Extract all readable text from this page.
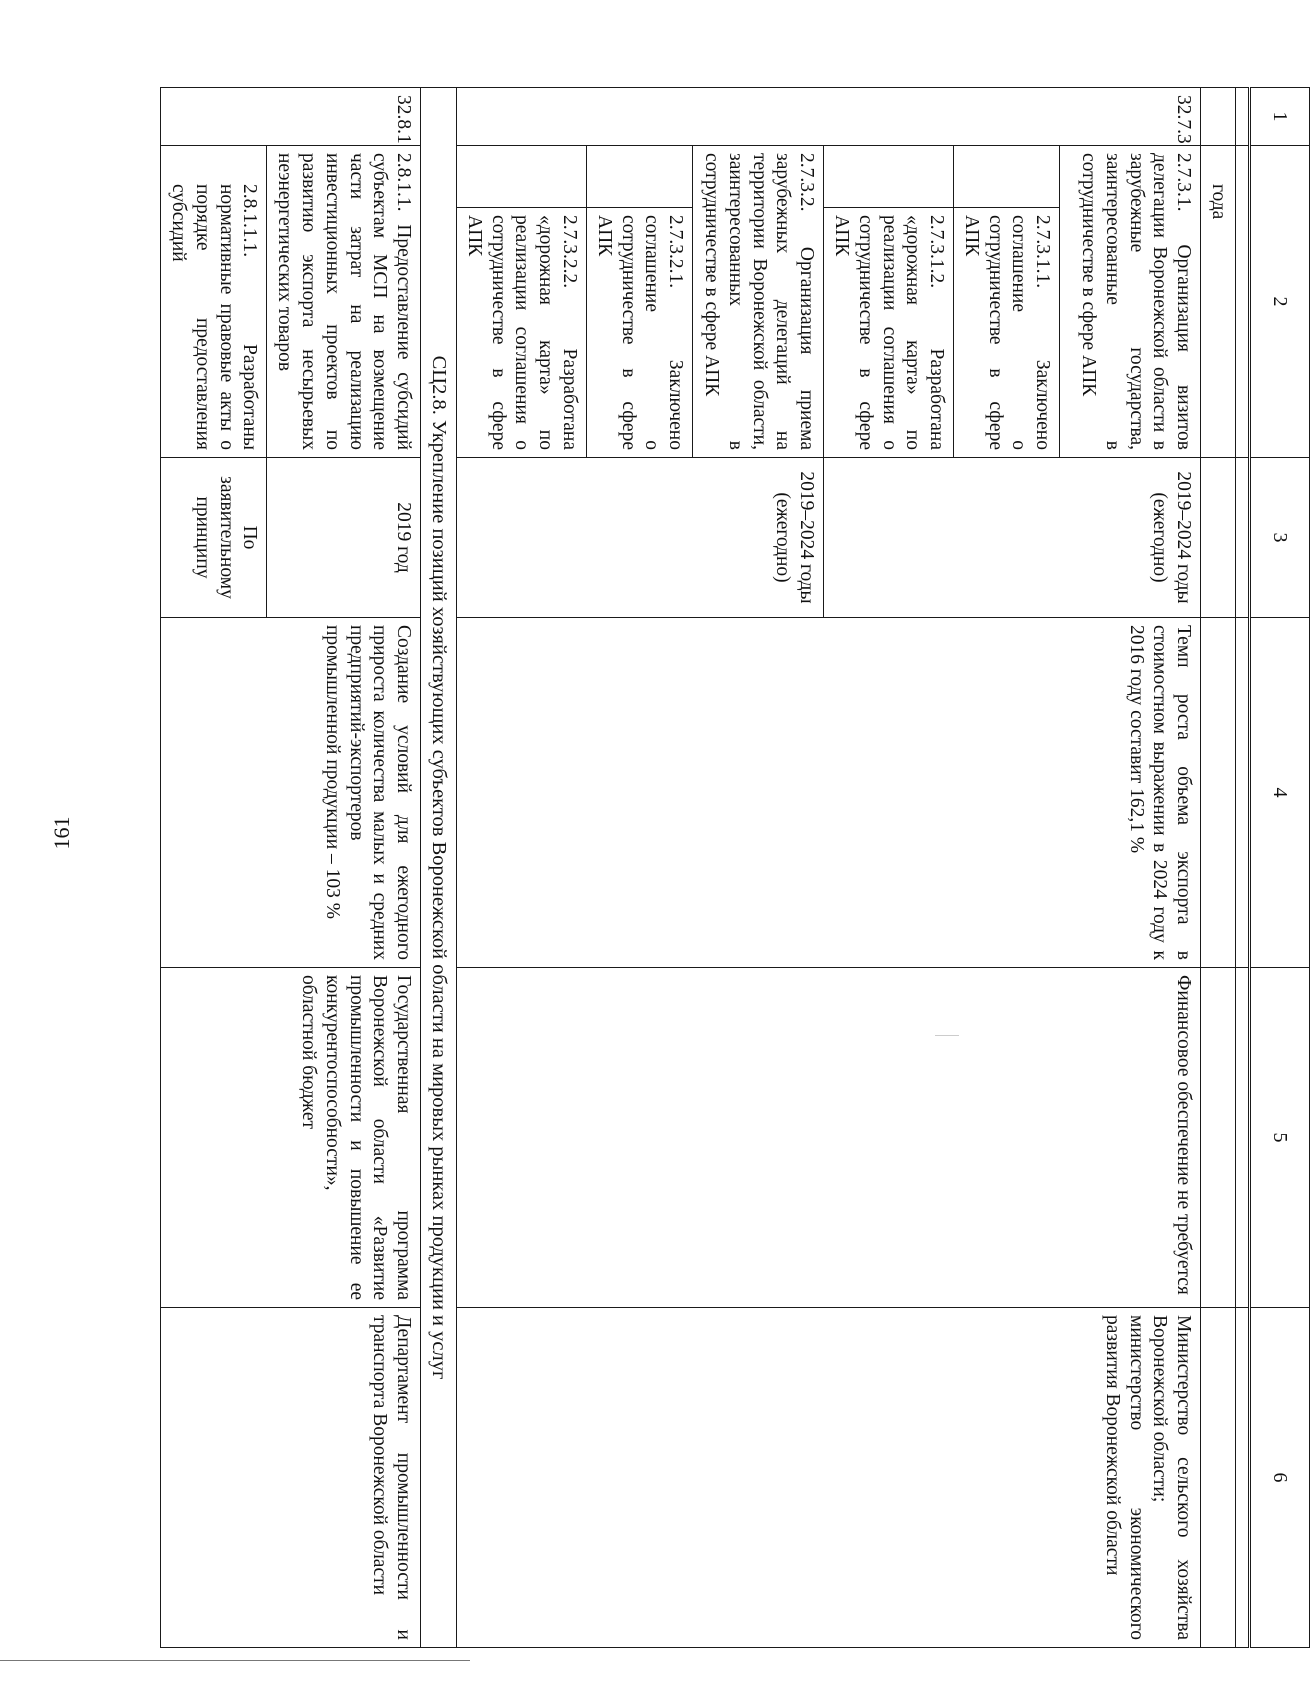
161
1	2		3	4	5	6

	года					
32.7.3	2.7.3.1. Организация визитов делегации Воронежской области в зарубежные государства, заинтересованные в сотрудничестве в сфере АПК		2019–2024 годы (ежегодно)	Темп роста объема экспорта в стоимостном выражении в 2024 году к 2016 году составит 162,1 %	Финансовое обеспечение не требуется	Министерство сельского хозяйства Воронежской области;
министерство экономического развития Воронежской области
		2.7.3.1.1. Заключено соглашение о сотрудничестве в сфере АПК				
		2.7.3.1.2. Разработана «дорожная карта» по реализации соглашения о сотрудничестве в сфере АПК				
	2.7.3.2. Организация приема зарубежных делегаций на территории Воронежской области, заинтересованных в сотрудничестве в сфере АПК		2019–2024 годы (ежегодно)			
		2.7.3.2.1. Заключено соглашение о сотрудничестве в сфере АПК				
		2.7.3.2.2. Разработана «дорожная карта» по реализации соглашения о сотрудничестве в сфере АПК				
СЦ2.8. Укрепление позиций хозяйствующих субъектов Воронежской области на мировых рынках продукции и услуг						
32.8.1	2.8.1.1. Предоставление субсидий субъектам МСП на возмещение части затрат на реализацию инвестиционных проектов по развитию экспорта несырьевых неэнергетических товаров		2019 год	Создание условий для ежегодного прироста количества малых и средних предприятий-экспортеров промышленной продукции – 103 %	Государственная программа Воронежской области «Развитие промышленности и повышение ее конкурентоспособности»,
областной бюджет	Департамент промышленности и транспорта Воронежской области
	2.8.1.1.1. Разработаны нормативные правовые акты о порядке предоставления субсидий		По заявительному принципу			
